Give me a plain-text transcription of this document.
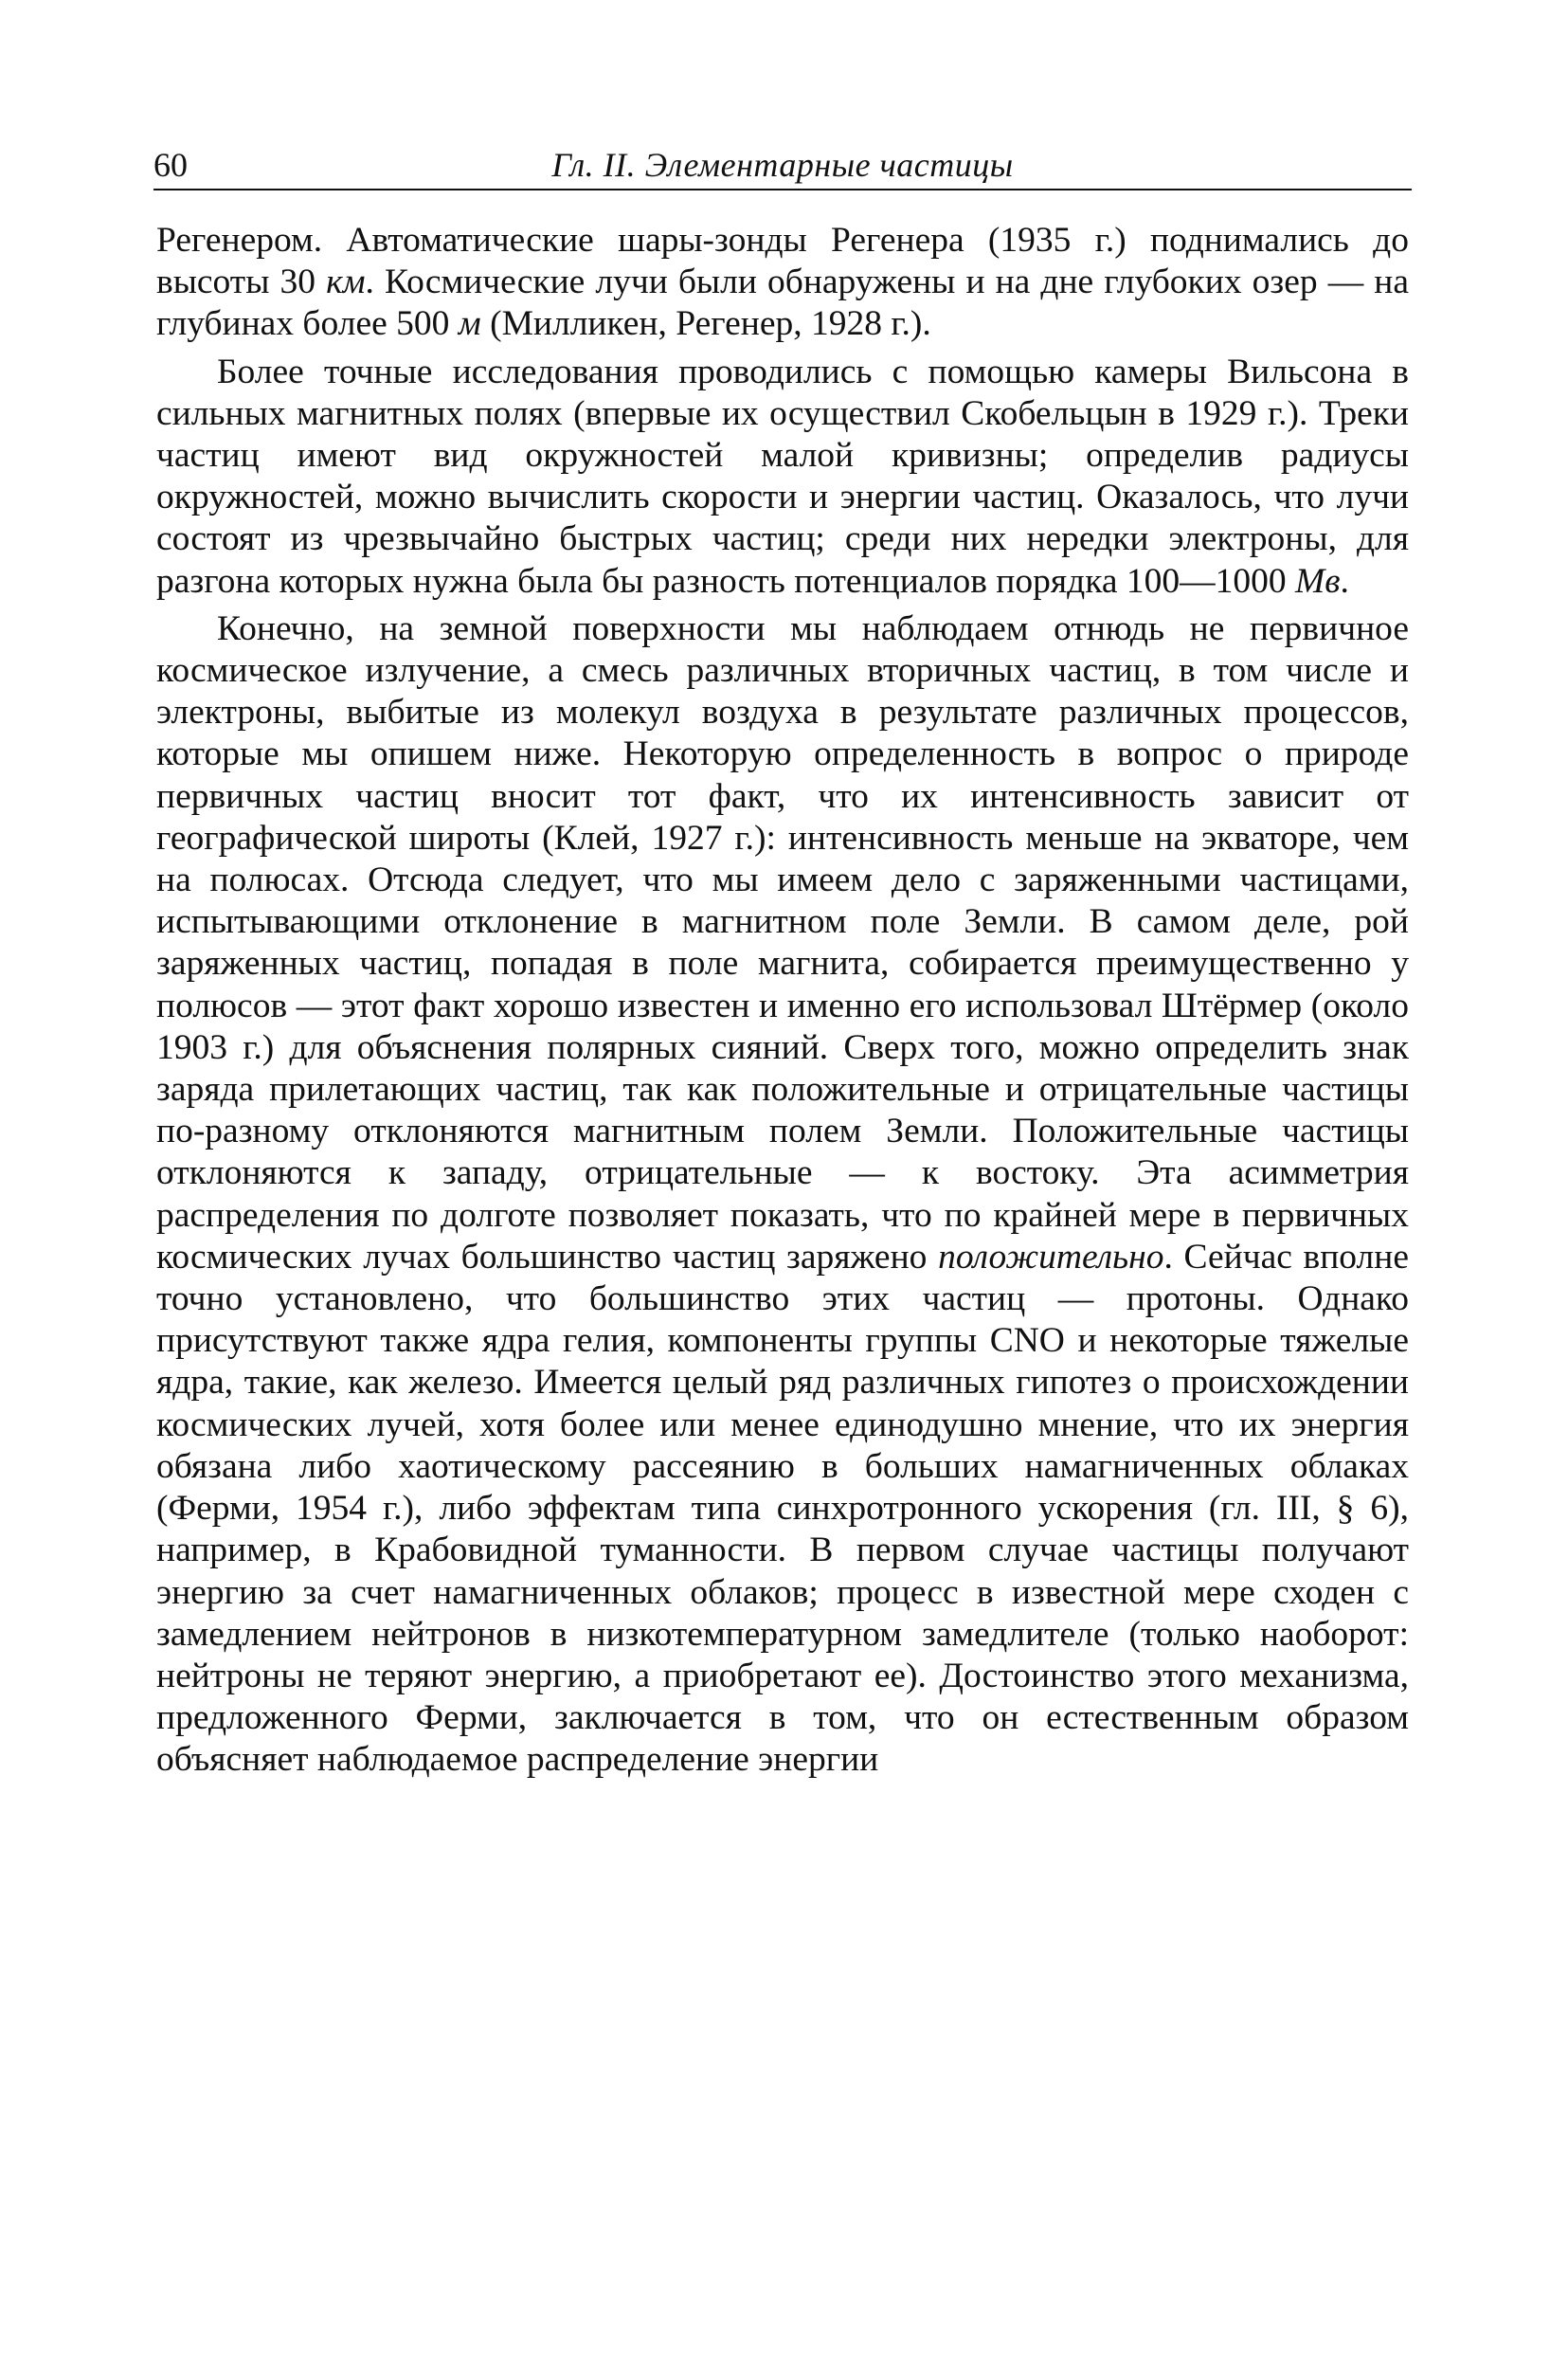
60	Гл. II. Элементарные частицы

Регенером. Автоматические шары-зонды Регенера (1935 г.) поднимались до высоты 30 км. Космические лучи были обнаружены и на дне глубоких озер — на глубинах более 500 м (Милликен, Регенер, 1928 г.).

Более точные исследования проводились с помощью камеры Вильсона в сильных магнитных полях (впервые их осуществил Скобельцын в 1929 г.). Треки частиц имеют вид окружностей малой кривизны; определив радиусы окружностей, можно вычислить скорости и энергии частиц. Оказалось, что лучи состоят из чрезвычайно быстрых частиц; среди них нередки электроны, для разгона которых нужна была бы разность потенциалов порядка 100—1000 Мв.

Конечно, на земной поверхности мы наблюдаем отнюдь не первичное космическое излучение, а смесь различных вторичных частиц, в том числе и электроны, выбитые из молекул воздуха в результате различных процессов, которые мы опишем ниже. Некоторую определенность в вопрос о природе первичных частиц вносит тот факт, что их интенсивность зависит от географической широты (Клей, 1927 г.): интенсивность меньше на экваторе, чем на полюсах. Отсюда следует, что мы имеем дело с заряженными частицами, испытывающими отклонение в магнитном поле Земли. В самом деле, рой заряженных частиц, попадая в поле магнита, собирается преимущественно у полюсов — этот факт хорошо известен и именно его использовал Штёрмер (около 1903 г.) для объяснения полярных сияний. Сверх того, можно определить знак заряда прилетающих частиц, так как положительные и отрицательные частицы по-разному отклоняются магнитным полем Земли. Положительные частицы отклоняются к западу, отрицательные — к востоку. Эта асимметрия распределения по долготе позволяет показать, что по крайней мере в первичных космических лучах большинство частиц заряжено положительно. Сейчас вполне точно установлено, что большинство этих частиц — протоны. Однако присутствуют также ядра гелия, компоненты группы CNO и некоторые тяжелые ядра, такие, как железо. Имеется целый ряд различных гипотез о происхождении космических лучей, хотя более или менее единодушно мнение, что их энергия обязана либо хаотическому рассеянию в больших намагниченных облаках (Ферми, 1954 г.), либо эффектам типа синхротронного ускорения (гл. III, § 6), например, в Крабовидной туманности. В первом случае частицы получают энергию за счет намагниченных облаков; процесс в известной мере сходен с замедлением нейтронов в низкотемпературном замедлителе (только наоборот: нейтроны не теряют энергию, а приобретают ее). Достоинство этого механизма, предложенного Ферми, заключается в том, что он естественным образом объясняет наблюдаемое распределение энергии
